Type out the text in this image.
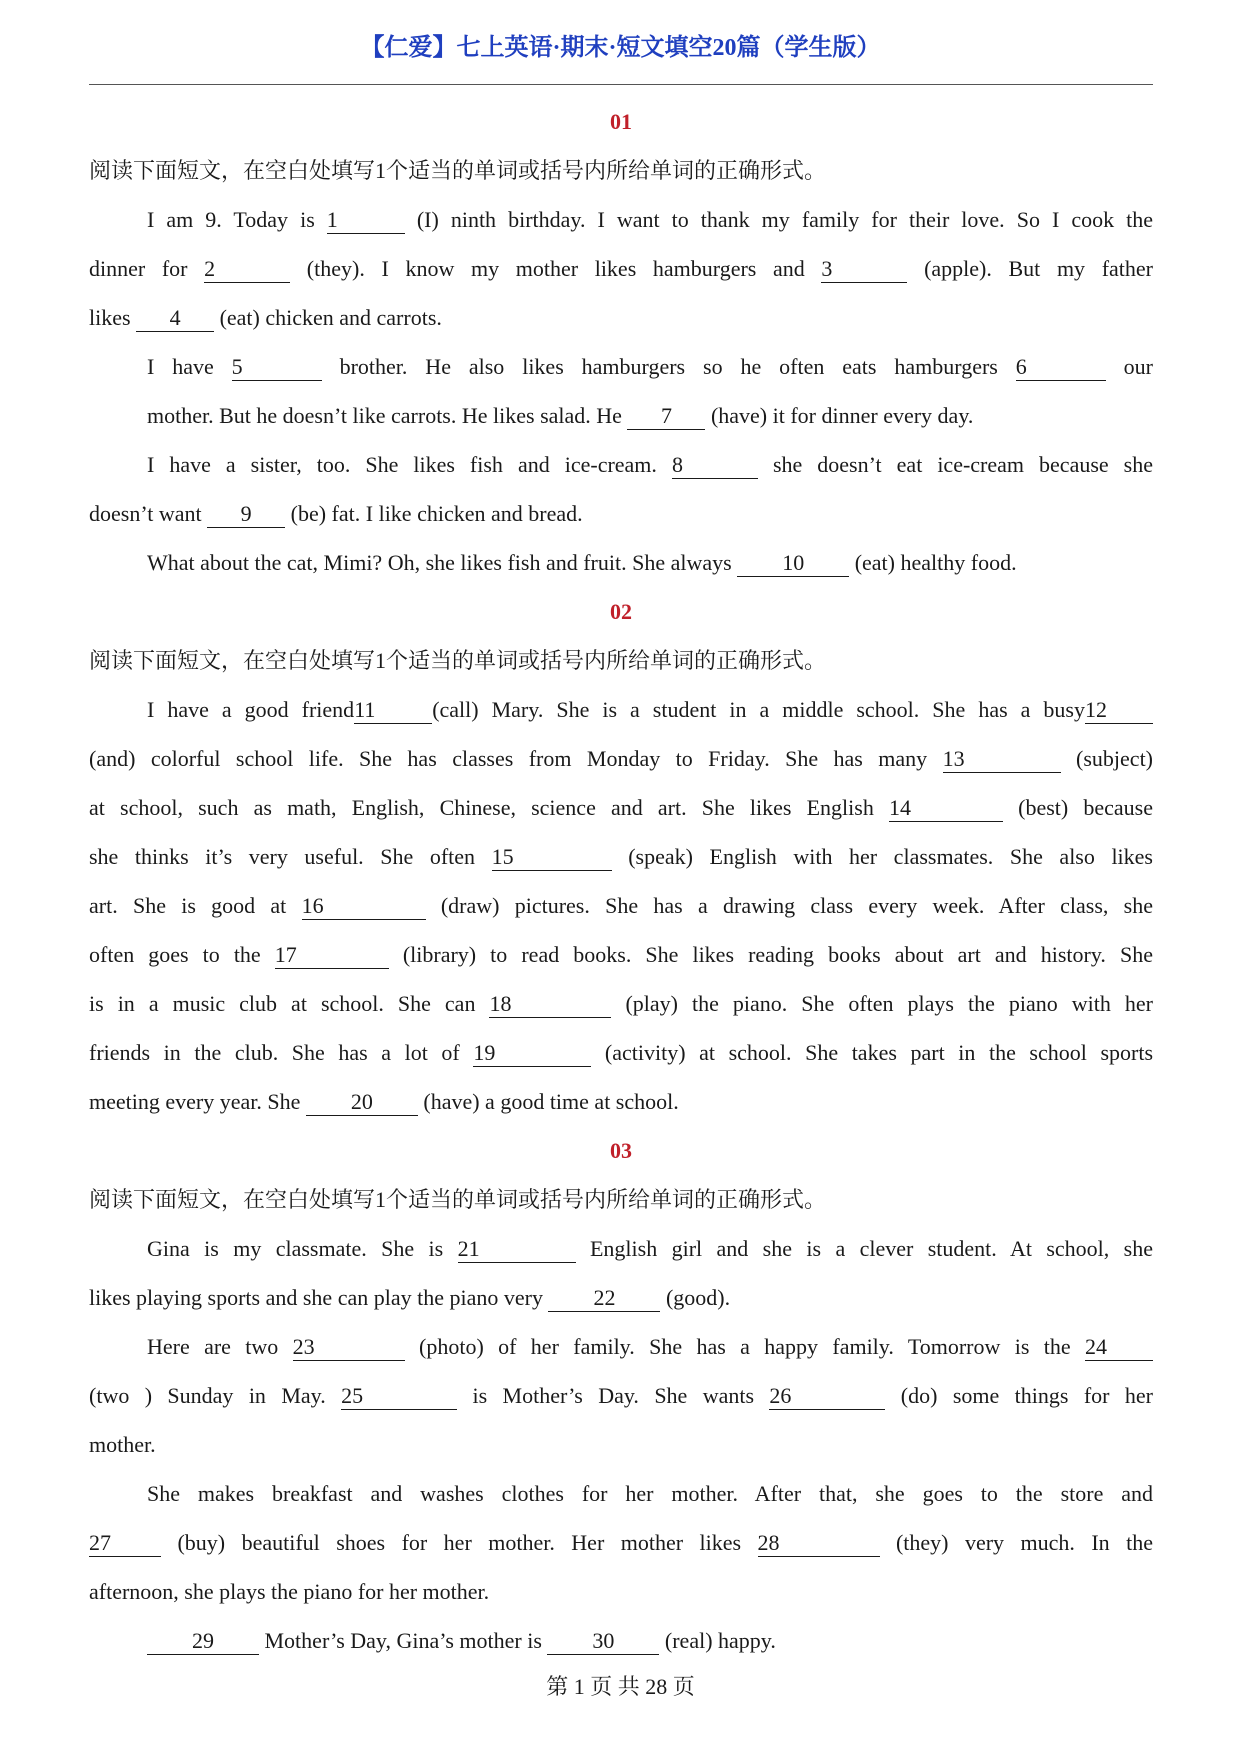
【仁爱】七上英语·期末·短文填空20篇（学生版）
01
阅读下面短文，在空白处填写1个适当的单词或括号内所给单词的正确形式。
I am 9. Today is 1	(I) ninth birthday. I want to thank my family for their love. So I cook the
dinner for 2	(they). I know my mother likes hamburgers and 3	(apple). But my father
likes 4 (eat) chicken and carrots.
I have 5	brother. He also likes hamburgers so he often eats hamburgers 6	our
mother. But he doesn’t like carrots. He likes salad. He 7 (have) it for dinner every day.
I have a sister, too. She likes fish and ice-cream. 8	she doesn’t eat ice-cream because she
doesn’t want 9 (be) fat. I like chicken and bread.
What about the cat, Mimi? Oh, she likes fish and fruit. She always 10 (eat) healthy food.
02
阅读下面短文，在空白处填写1个适当的单词或括号内所给单词的正确形式。
I have a good friend11	(call) Mary. She is a student in a middle school. She has a busy12
(and) colorful school life. She has classes from Monday to Friday. She has many 13	(subject)
at school, such as math, English, Chinese, science and art. She likes English 14	(best) because
she thinks it’s very useful. She often 15	(speak) English with her classmates. She also likes
art. She is good at 16	(draw) pictures. She has a drawing class every week. After class, she
often goes to the 17	(library) to read books. She likes reading books about art and history. She
is in a music club at school. She can 18	(play) the piano. She often plays the piano with her
friends in the club. She has a lot of 19	(activity) at school. She takes part in the school sports
meeting every year. She 20 (have) a good time at school.
03
阅读下面短文，在空白处填写1个适当的单词或括号内所给单词的正确形式。
Gina is my classmate. She is 21	English girl and she is a clever student. At school, she
likes playing sports and she can play the piano very 22 (good).
Here are two 23	(photo) of her family. She has a happy family. Tomorrow is the 24
(two ) Sunday in May. 25	is Mother’s Day. She wants 26	(do) some things for her
mother.
She makes breakfast and washes clothes for her mother. After that, she goes to the store and
27 (buy) beautiful shoes for her mother. Her mother likes 28	(they) very much. In the
afternoon, she plays the piano for her mother.
29 Mother’s Day, Gina’s mother is 30 (real) happy.
第 1 页 共 28 页
